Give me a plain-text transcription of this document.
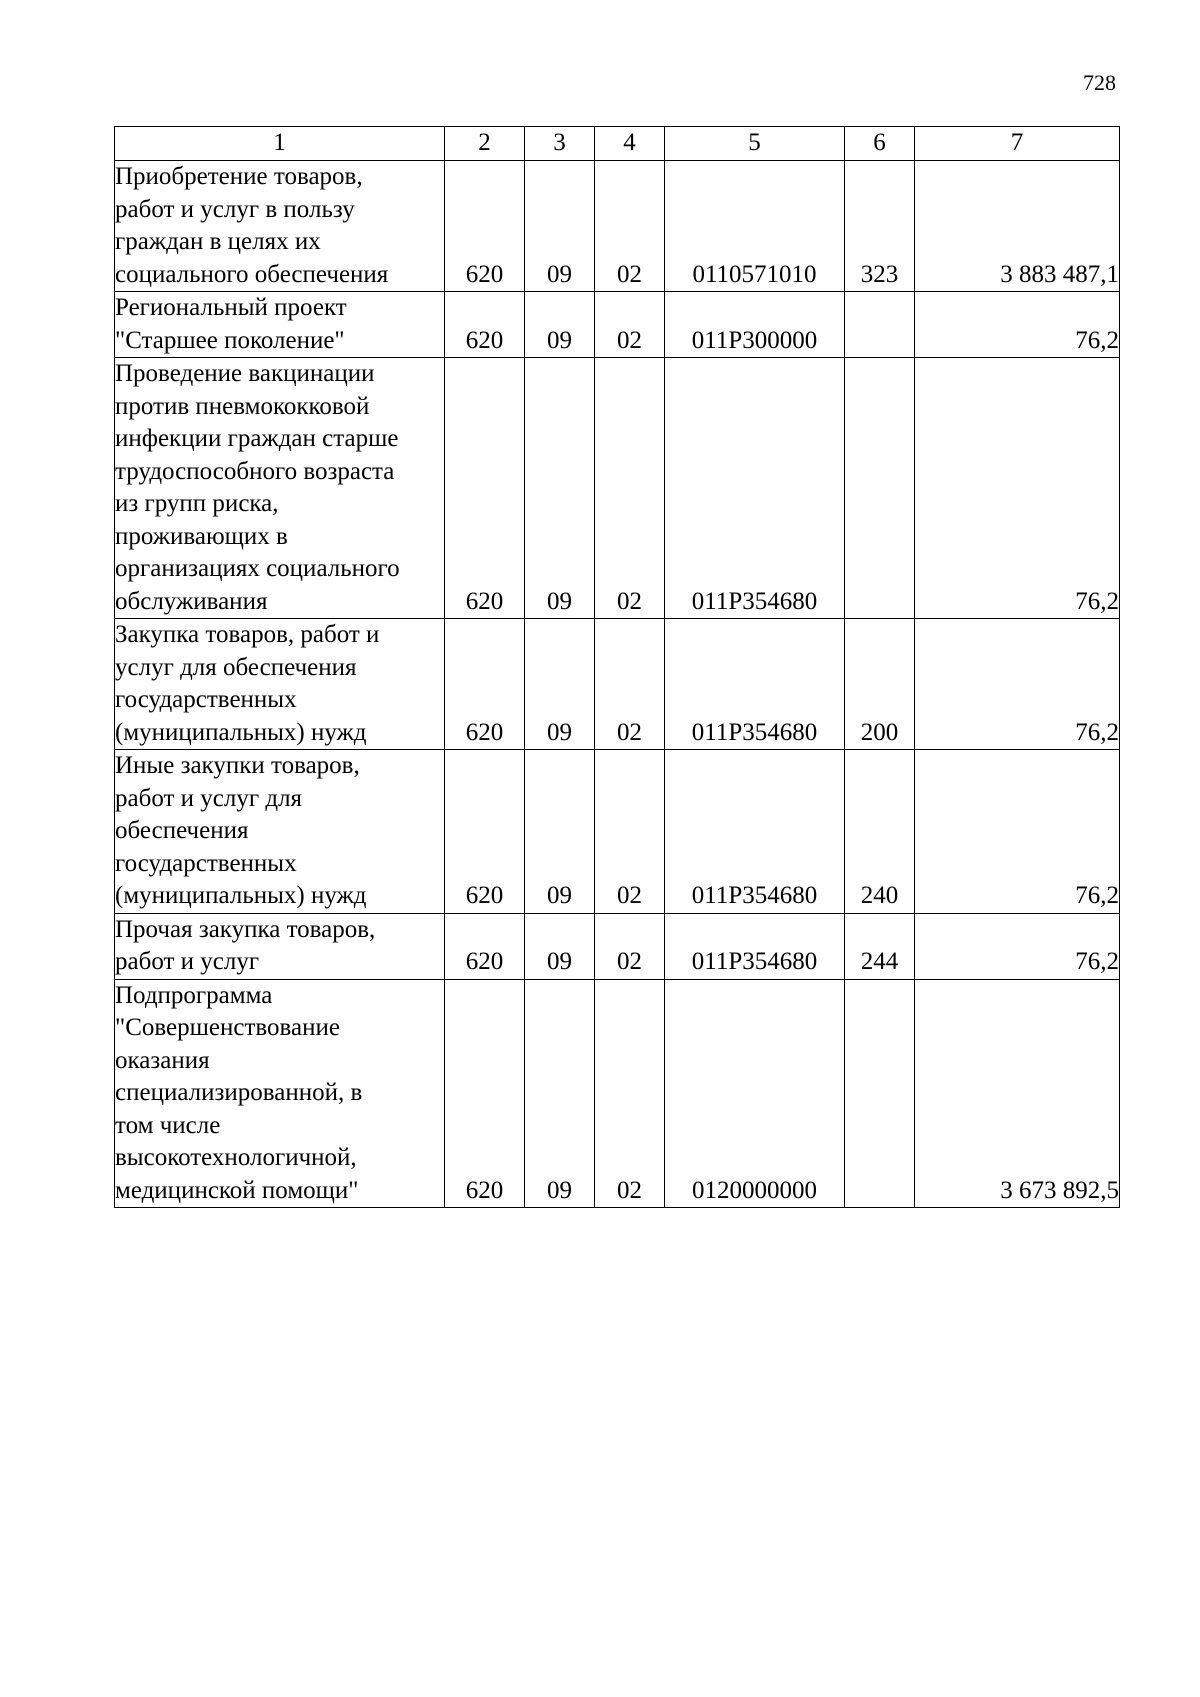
728
1	2	3	4	5	6	7

Приобретение товаров, работ и услуг в пользу граждан в целях их социального обеспечения	620	09	02	0110571010	323	3 883 487,1

Региональный проект "Старшее поколение"	620	09	02	011P300000		76,2

Проведение вакцинации против пневмококковой инфекции граждан старше трудоспособного возраста из групп риска, проживающих в организациях социального обслуживания	620	09	02	011P354680		76,2

Закупка товаров, работ и услуг для обеспечения государственных (муниципальных) нужд	620	09	02	011P354680	200	76,2

Иные закупки товаров, работ и услуг для обеспечения государственных (муниципальных) нужд	620	09	02	011P354680	240	76,2

Прочая закупка товаров, работ и услуг	620	09	02	011P354680	244	76,2

Подпрограмма "Совершенствование оказания специализированной, в том числе высокотехнологичной, медицинской помощи"	620	09	02	0120000000		3 673 892,5
